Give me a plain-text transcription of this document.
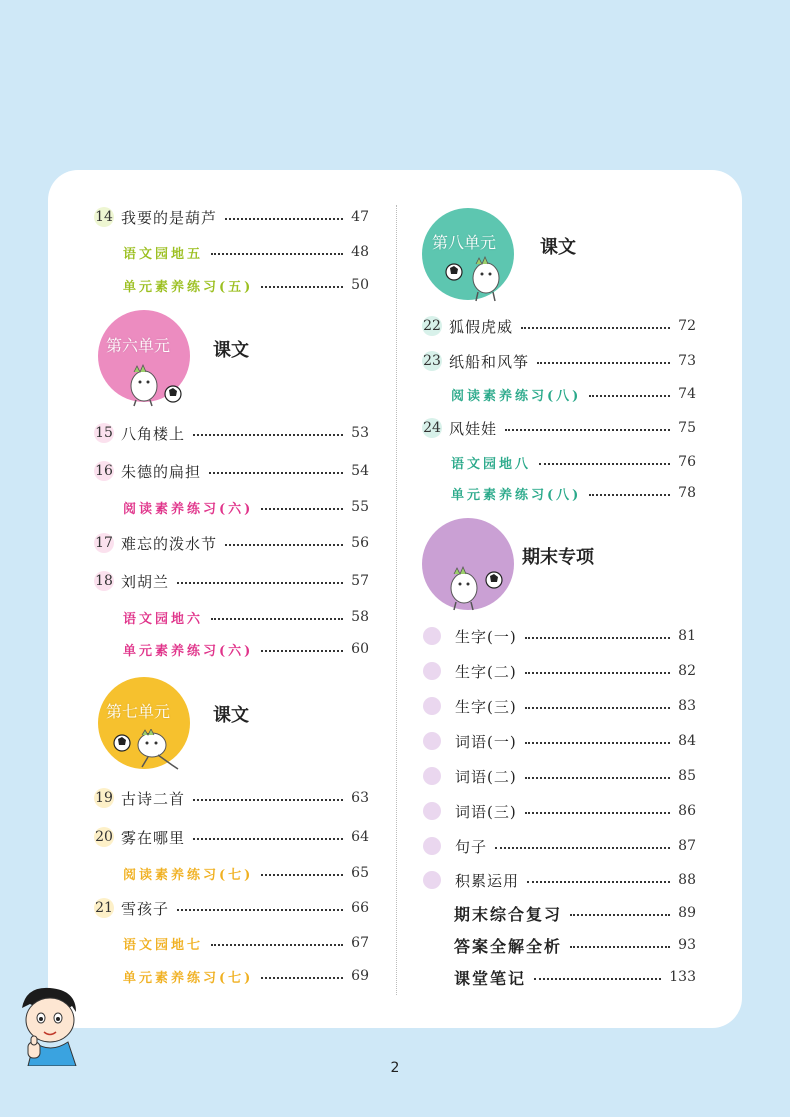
14 我要的是葫芦	47
语文园地五	48
单元素养练习(五)	50
第六单元 课文
15 八角楼上	53
16 朱德的扁担	54
阅读素养练习(六)	55
17 难忘的泼水节	56
18 刘胡兰	57
语文园地六	58
单元素养练习(六)	60
第七单元 课文
19 古诗二首	63
20 雾在哪里	64
阅读素养练习(七)	65
21 雪孩子	66
语文园地七	67
单元素养练习(七)	69
第八单元 课文
22 狐假虎威	72
23 纸船和风筝	73
阅读素养练习(八)	74
24 风娃娃	75
语文园地八	76
单元素养练习(八)	78
期末专项
生字(一)	81
生字(二)	82
生字(三)	83
词语(一)	84
词语(二)	85
词语(三)	86
句子	87
积累运用	88
期末综合复习	89
答案全解全析	93
课堂笔记	133
2
